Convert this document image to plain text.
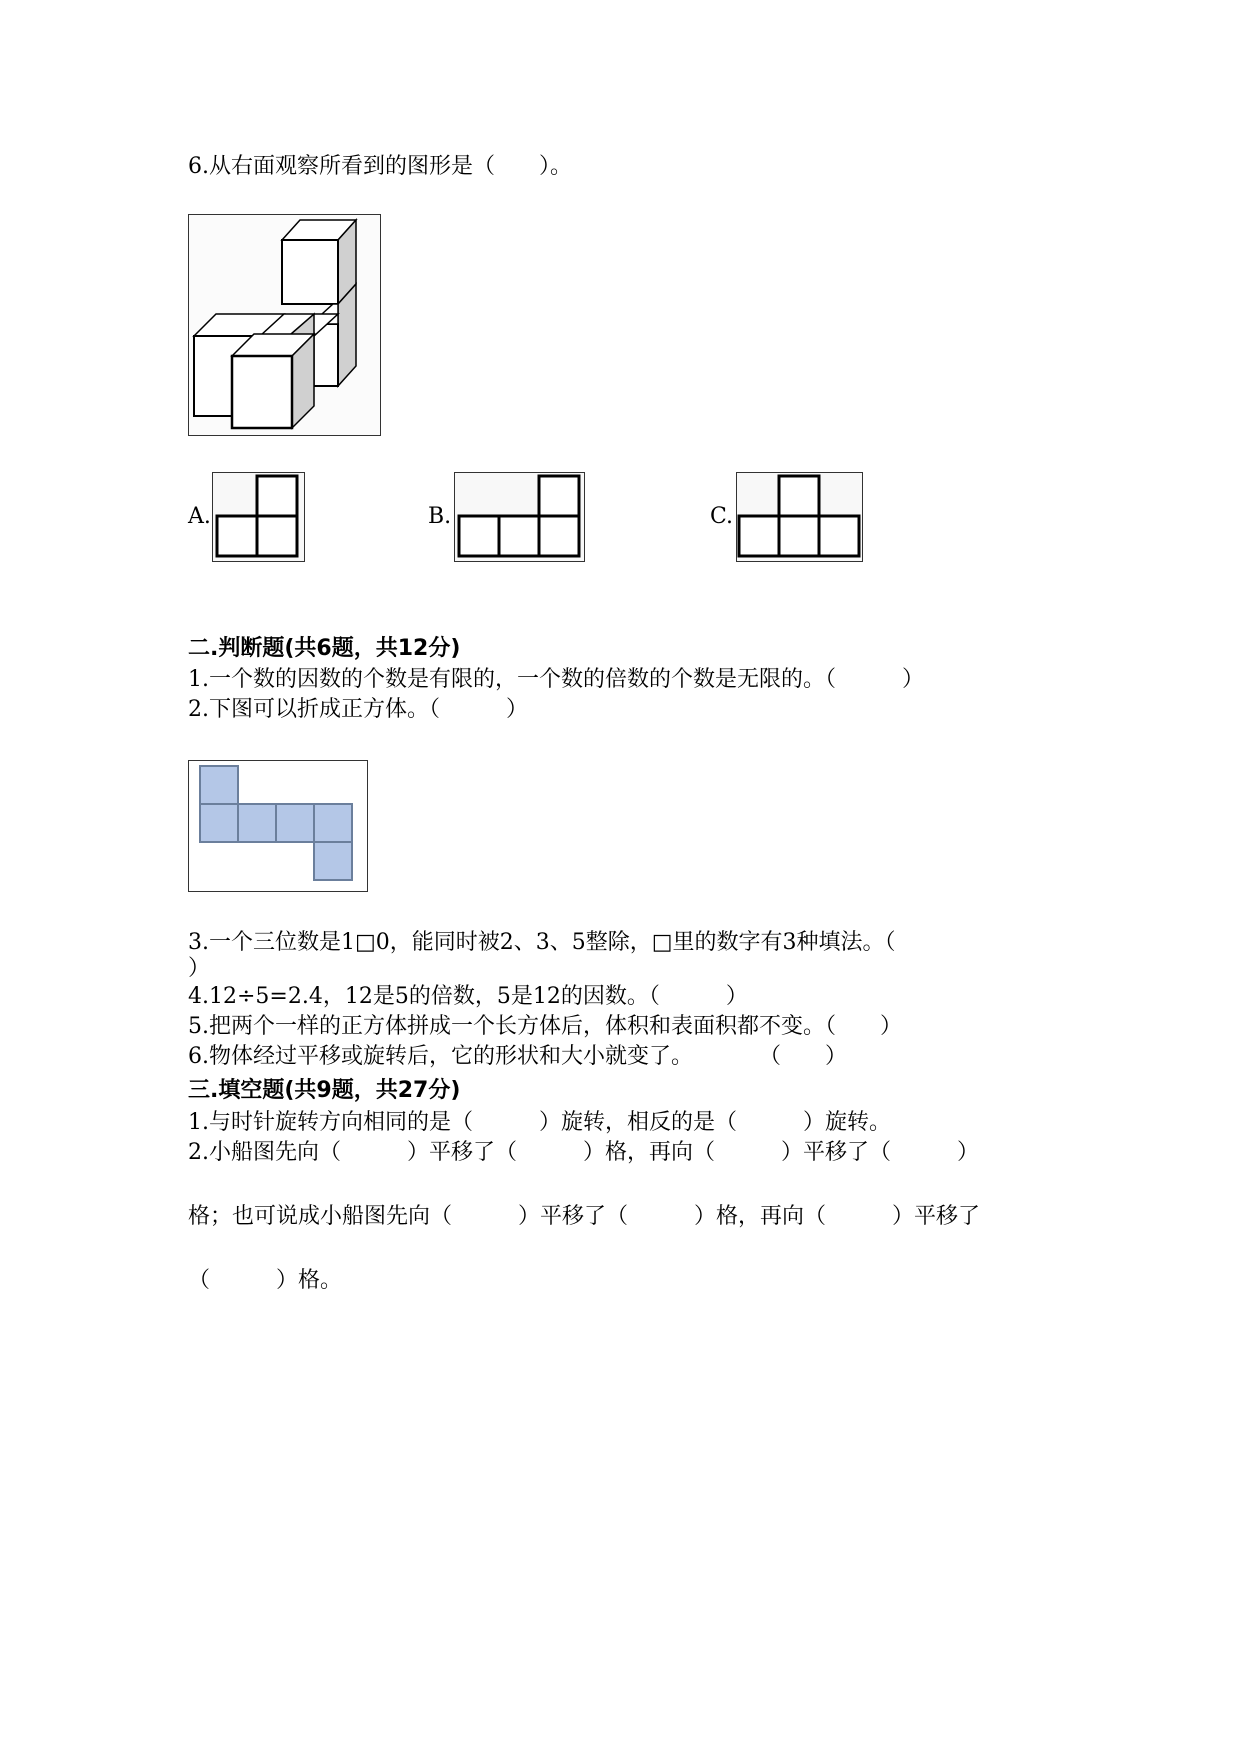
6.从右面观察所看到的图形是（　　）。
A.	B.	C.
二.判断题(共6题，共12分)
1.一个数的因数的个数是有限的，一个数的倍数的个数是无限的。（　　　）
2.下图可以折成正方体。（　　　）
3.一个三位数是1□0，能同时被2、3、5整除，□里的数字有3种填法。（
）
4.12÷5=2.4，12是5的倍数，5是12的因数。（　　　）
5.把两个一样的正方体拼成一个长方体后，体积和表面积都不变。（　　）
6.物体经过平移或旋转后，它的形状和大小就变了。　　　　（　　）
三.填空题(共9题，共27分)
1.与时针旋转方向相同的是（　　　）旋转，相反的是（　　　）旋转。
2.小船图先向（　　　）平移了（　　　）格，再向（　　　）平移了（　　　）
格；也可说成小船图先向（　　　）平移了（　　　）格，再向（　　　）平移了
（　　　）格。
